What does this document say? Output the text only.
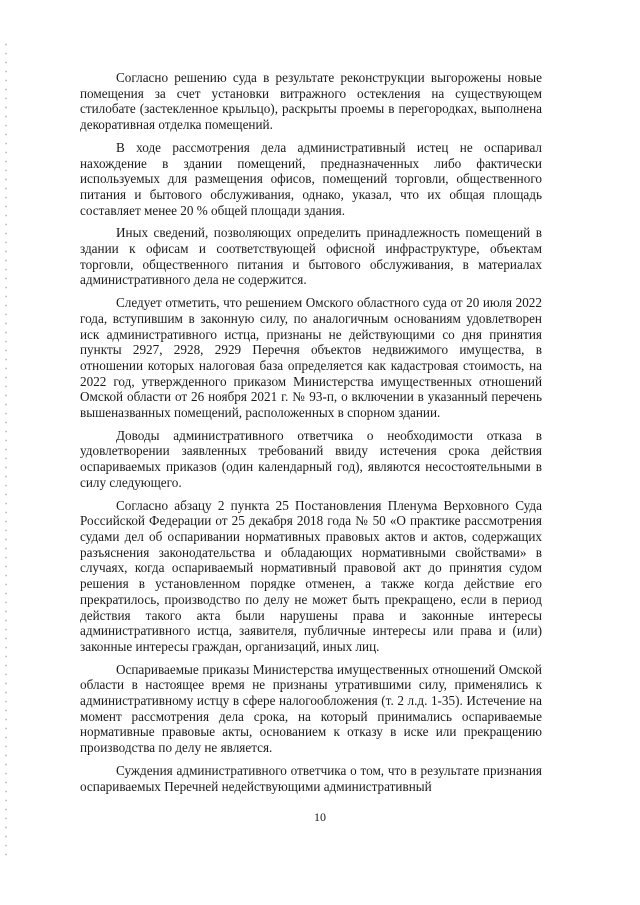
Согласно решению суда в результате реконструкции выгорожены новые помещения за счет установки витражного остекления на существующем стилобате (застекленное крыльцо), раскрыты проемы в перегородках, выполнена декоративная отделка помещений.

В ходе рассмотрения дела административный истец не оспаривал нахождение в здании помещений, предназначенных либо фактически используемых для размещения офисов, помещений торговли, общественного питания и бытового обслуживания, однако, указал, что их общая площадь составляет менее 20 % общей площади здания.

Иных сведений, позволяющих определить принадлежность помещений в здании к офисам и соответствующей офисной инфраструктуре, объектам торговли, общественного питания и бытового обслуживания, в материалах административного дела не содержится.

Следует отметить, что решением Омского областного суда от 20 июля 2022 года, вступившим в законную силу, по аналогичным основаниям удовлетворен иск административного истца, признаны не действующими со дня принятия пункты 2927, 2928, 2929 Перечня объектов недвижимого имущества, в отношении которых налоговая база определяется как кадастровая стоимость, на 2022 год, утвержденного приказом Министерства имущественных отношений Омской области от 26 ноября 2021 г. № 93-п, о включении в указанный перечень вышеназванных помещений, расположенных в спорном здании.

Доводы административного ответчика о необходимости отказа в удовлетворении заявленных требований ввиду истечения срока действия оспариваемых приказов (один календарный год), являются несостоятельными в силу следующего.

Согласно абзацу 2 пункта 25 Постановления Пленума Верховного Суда Российской Федерации от 25 декабря 2018 года № 50 «О практике рассмотрения судами дел об оспаривании нормативных правовых актов и актов, содержащих разъяснения законодательства и обладающих нормативными свойствами» в случаях, когда оспариваемый нормативный правовой акт до принятия судом решения в установленном порядке отменен, а также когда действие его прекратилось, производство по делу не может быть прекращено, если в период действия такого акта были нарушены права и законные интересы административного истца, заявителя, публичные интересы или права и (или) законные интересы граждан, организаций, иных лиц.

Оспариваемые приказы Министерства имущественных отношений Омской области в настоящее время не признаны утратившими силу, применялись к административному истцу в сфере налогообложения (т. 2 л.д. 1-35). Истечение на момент рассмотрения дела срока, на который принимались оспариваемые нормативные правовые акты, основанием к отказу в иске или прекращению производства по делу не является.

Суждения административного ответчика о том, что в результате признания оспариваемых Перечней недействующими административный

10
